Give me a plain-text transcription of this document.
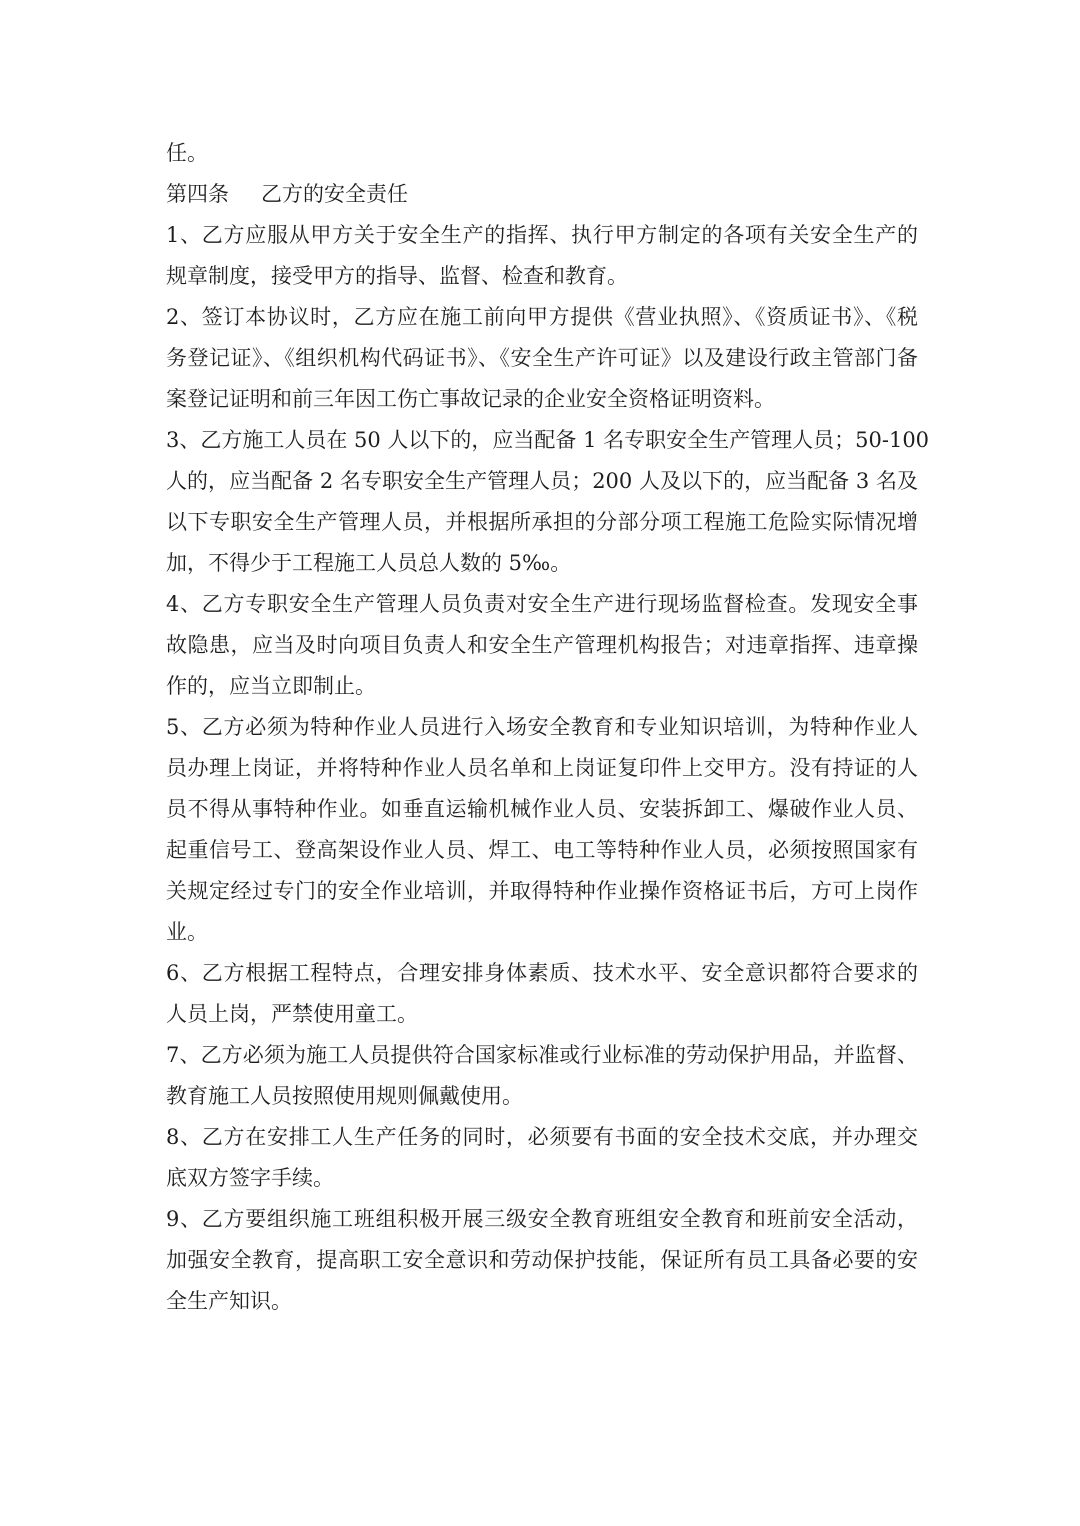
任。
第四条 乙方的安全责任
1、乙方应服从甲方关于安全生产的指挥、执行甲方制定的各项有关安全生产的
规章制度，接受甲方的指导、监督、检查和教育。
2、签订本协议时，乙方应在施工前向甲方提供《营业执照》、《资质证书》、《税
务登记证》、《组织机构代码证书》、《安全生产许可证》以及建设行政主管部门备
案登记证明和前三年因工伤亡事故记录的企业安全资格证明资料。
3、乙方施工人员在 50 人以下的，应当配备 1 名专职安全生产管理人员；50-100
人的，应当配备 2 名专职安全生产管理人员；200 人及以下的，应当配备 3 名及
以下专职安全生产管理人员，并根据所承担的分部分项工程施工危险实际情况增
加，不得少于工程施工人员总人数的 5‰。
4、乙方专职安全生产管理人员负责对安全生产进行现场监督检查。发现安全事
故隐患，应当及时向项目负责人和安全生产管理机构报告；对违章指挥、违章操
作的，应当立即制止。
5、乙方必须为特种作业人员进行入场安全教育和专业知识培训，为特种作业人
员办理上岗证，并将特种作业人员名单和上岗证复印件上交甲方。没有持证的人
员不得从事特种作业。如垂直运输机械作业人员、安装拆卸工、爆破作业人员、
起重信号工、登高架设作业人员、焊工、电工等特种作业人员，必须按照国家有
关规定经过专门的安全作业培训，并取得特种作业操作资格证书后，方可上岗作
业。
6、乙方根据工程特点，合理安排身体素质、技术水平、安全意识都符合要求的
人员上岗，严禁使用童工。
7、乙方必须为施工人员提供符合国家标准或行业标准的劳动保护用品，并监督、
教育施工人员按照使用规则佩戴使用。
8、乙方在安排工人生产任务的同时，必须要有书面的安全技术交底，并办理交
底双方签字手续。
9、乙方要组织施工班组积极开展三级安全教育班组安全教育和班前安全活动，
加强安全教育，提高职工安全意识和劳动保护技能，保证所有员工具备必要的安
全生产知识。
